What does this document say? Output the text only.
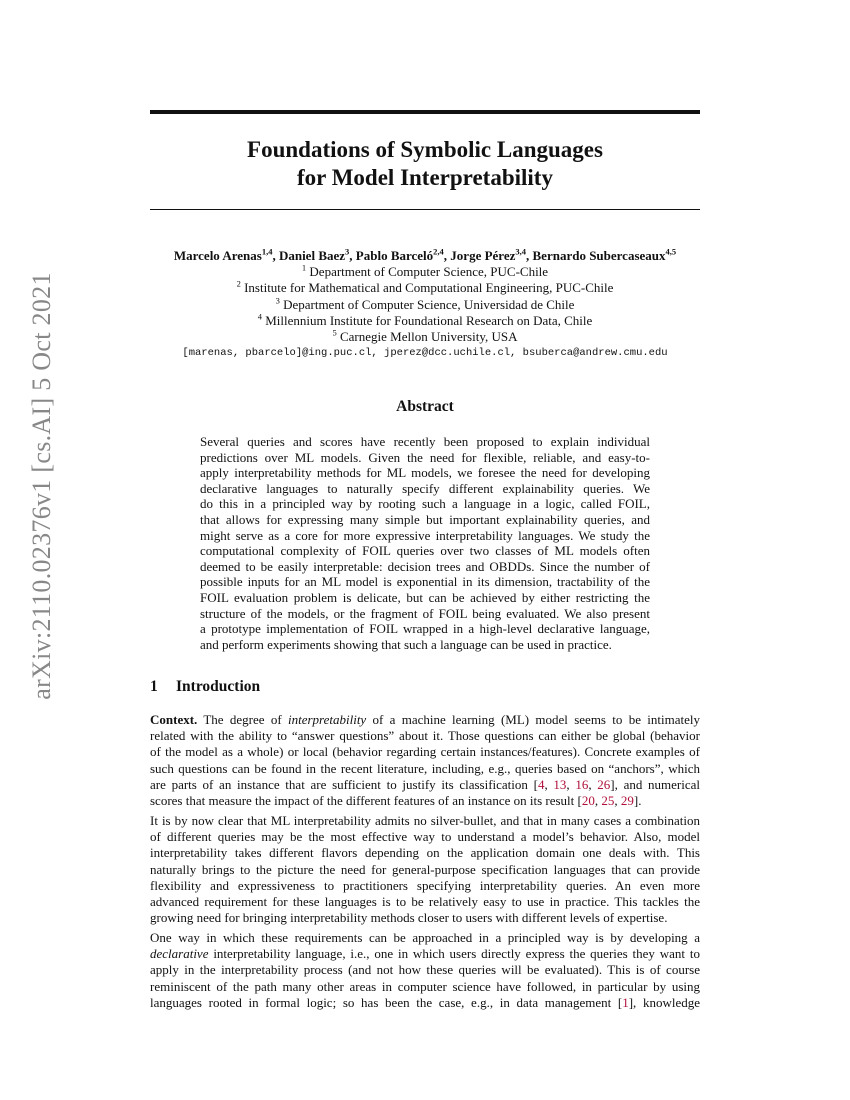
arXiv:2110.02376v1 [cs.AI] 5 Oct 2021
Foundations of Symbolic Languages
for Model Interpretability
Marcelo Arenas$^{1,4}$, Daniel Baez$^3$, Pablo Barceló$^{2,4}$, Jorge Pérez$^{3,4}$, Bernardo Subercaseaux$^{4,5}$
$^1$ Department of Computer Science, PUC-Chile
$^2$ Institute for Mathematical and Computational Engineering, PUC-Chile
$^3$ Department of Computer Science, Universidad de Chile
$^4$ Millennium Institute for Foundational Research on Data, Chile
$^5$ Carnegie Mellon University, USA
[marenas, pbarcelo]@ing.puc.cl, jperez@dcc.uchile.cl, bsuberca@andrew.cmu.edu
Abstract
Several queries and scores have recently been proposed to explain individual
predictions over ML models. Given the need for flexible, reliable, and easy-to-
apply interpretability methods for ML models, we foresee the need for developing
declarative languages to naturally specify different explainability queries. We
do this in a principled way by rooting such a language in a logic, called FOIL,
that allows for expressing many simple but important explainability queries, and
might serve as a core for more expressive interpretability languages. We study the
computational complexity of FOIL queries over two classes of ML models often
deemed to be easily interpretable: decision trees and OBDDs. Since the number of
possible inputs for an ML model is exponential in its dimension, tractability of the
FOIL evaluation problem is delicate, but can be achieved by either restricting the
structure of the models, or the fragment of FOIL being evaluated. We also present
a prototype implementation of FOIL wrapped in a high-level declarative language,
and perform experiments showing that such a language can be used in practice.
1 Introduction
Context. The degree of interpretability of a machine learning (ML) model seems to be intimately
related with the ability to “answer questions” about it. Those questions can either be global (behavior
of the model as a whole) or local (behavior regarding certain instances/features). Concrete examples of
such questions can be found in the recent literature, including, e.g., queries based on “anchors”, which
are parts of an instance that are sufficient to justify its classification [4, 13, 16, 26], and numerical
scores that measure the impact of the different features of an instance on its result [20, 25, 29].
It is by now clear that ML interpretability admits no silver-bullet, and that in many cases a combination
of different queries may be the most effective way to understand a model’s behavior. Also, model
interpretability takes different flavors depending on the application domain one deals with. This
naturally brings to the picture the need for general-purpose specification languages that can provide
flexibility and expressiveness to practitioners specifying interpretability queries. An even more
advanced requirement for these languages is to be relatively easy to use in practice. This tackles the
growing need for bringing interpretability methods closer to users with different levels of expertise.
One way in which these requirements can be approached in a principled way is by developing a
declarative interpretability language, i.e., one in which users directly express the queries they want to
apply in the interpretability process (and not how these queries will be evaluated). This is of course
reminiscent of the path many other areas in computer science have followed, in particular by using
languages rooted in formal logic; so has been the case, e.g., in data management [1], knowledge
